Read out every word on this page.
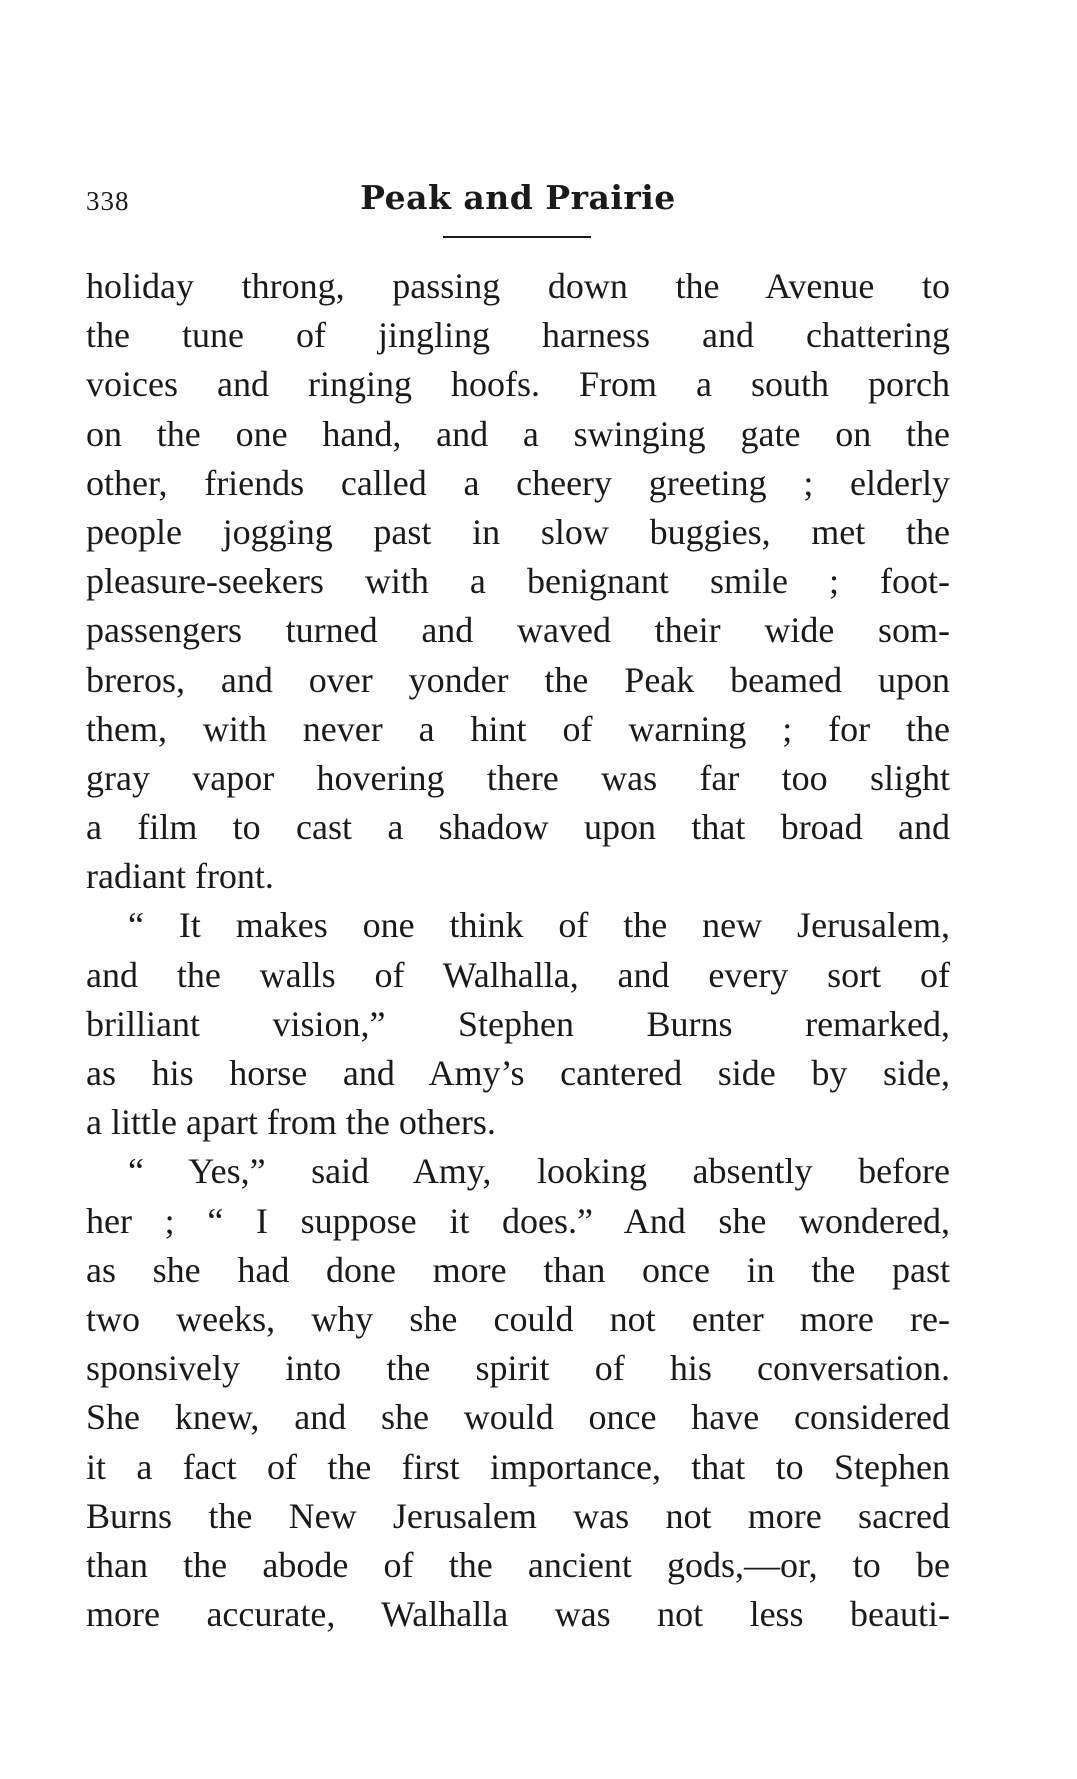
338	Peak and Prairie
holiday throng, passing down the Avenue to
the tune of jingling harness and chattering
voices and ringing hoofs. From a south porch
on the one hand, and a swinging gate on the
other, friends called a cheery greeting ; elderly
people jogging past in slow buggies, met the
pleasure-seekers with a benignant smile ; foot-
passengers turned and waved their wide som-
breros, and over yonder the Peak beamed upon
them, with never a hint of warning ; for the
gray vapor hovering there was far too slight
a film to cast a shadow upon that broad and
radiant front.
“ It makes one think of the new Jerusalem,
and the walls of Walhalla, and every sort of
brilliant vision,” Stephen Burns remarked,
as his horse and Amy’s cantered side by side,
a little apart from the others.
“ Yes,” said Amy, looking absently before
her ; “ I suppose it does.” And she wondered,
as she had done more than once in the past
two weeks, why she could not enter more re-
sponsively into the spirit of his conversation.
She knew, and she would once have considered
it a fact of the first importance, that to Stephen
Burns the New Jerusalem was not more sacred
than the abode of the ancient gods,—or, to be
more accurate, Walhalla was not less beauti-
